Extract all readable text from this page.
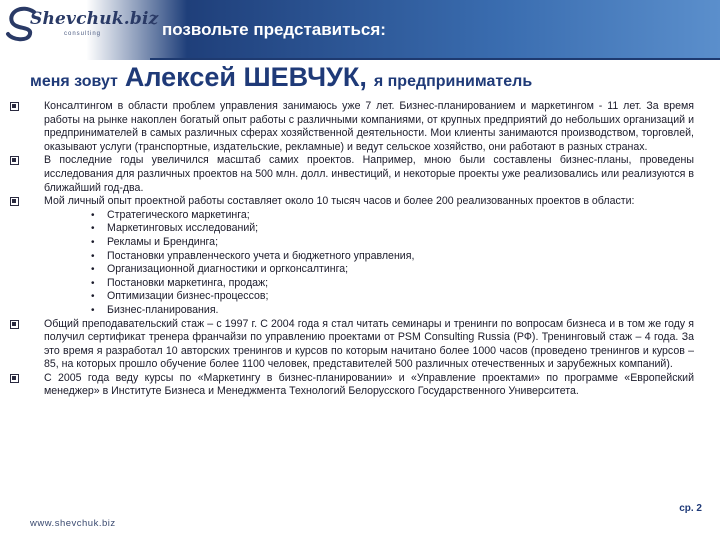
Shevchuk.biz
consulting	позвольте представиться:
меня зовут Алексей ШЕВЧУК, я предприниматель

Консалтингом в области проблем управления занимаюсь уже 7 лет. Бизнес-планированием и маркетингом - 11 лет. За время работы на рынке накоплен богатый опыт работы с различными компаниями, от крупных предприятий до небольших организаций и предпринимателей в самых различных сферах хозяйственной деятельности. Мои клиенты занимаются производством, торговлей, оказывают услуги (транспортные, издательские, рекламные) и ведут сельское хозяйство, они работают в разных странах.

В последние годы увеличился масштаб самих проектов. Например, мною были составлены бизнес-планы, проведены исследования для различных проектов на 500 млн. долл. инвестиций, и некоторые проекты уже реализовались или реализуются в ближайший год-два.

Мой личный опыт проектной работы составляет около 10 тысяч часов и более 200 реализованных проектов в области:

• Стратегического маркетинга;
• Маркетинговых исследований;
• Рекламы и Брендинга;
• Постановки управленческого учета и бюджетного управления,
• Организационной диагностики и оргконсалтинга;
• Постановки маркетинга, продаж;
• Оптимизации бизнес-процессов;
• Бизнес-планирования.

Общий преподавательский стаж – с 1997 г. С 2004 года я стал читать семинары и тренинги по вопросам бизнеса и в том же году я получил сертификат тренера франчайзи по управлению проектами от PSM Consulting Russia (РФ). Тренинговый стаж – 4 года. За это время я разработал 10 авторских тренингов и курсов по которым начитано более 1000 часов (проведено тренингов и курсов – 85, на которых прошло обучение более 1100 человек, представителей 500 различных отечественных и зарубежных компаний).

С 2005 года веду курсы по «Маркетингу в бизнес-планировании» и «Управление проектами» по программе «Европейский менеджер» в Институте Бизнеса и Менеджмента Технологий Белорусского Государственного Университета.

www.shevchuk.biz
ср. 2
